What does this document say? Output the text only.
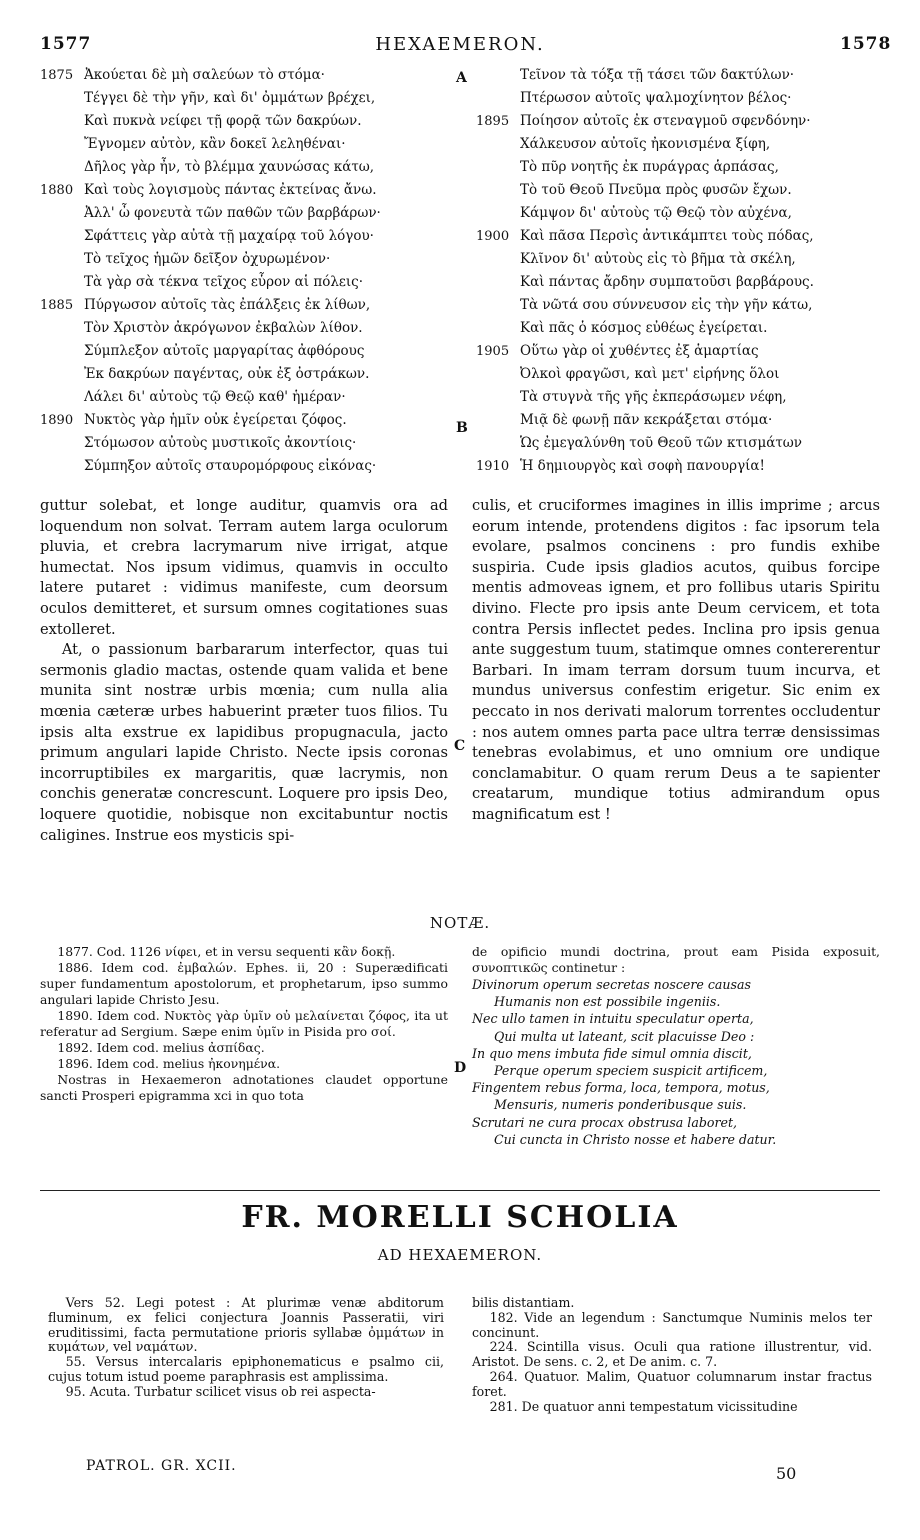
1577	HEXAEMERON.	1578
1875 Ἀκούεται δὲ μὴ σαλεύων τὸ στόμα·
Τέγγει δὲ τὴν γῆν, καὶ δι' ὀμμάτων βρέχει,
Καὶ πυκνὰ νείφει τῇ φορᾷ τῶν δακρύων.
Ἔγνομεν αὐτὸν, κἂν δοκεῖ λεληθέναι·
Δῆλος γὰρ ἦν, τὸ βλέμμα χαυνώσας κάτω,
1880 Καὶ τοὺς λογισμοὺς πάντας ἐκτείνας ἄνω.
Ἀλλ' ὦ φονευτὰ τῶν παθῶν τῶν βαρβάρων·
Σφάττεις γὰρ αὐτὰ τῇ μαχαίρᾳ τοῦ λόγου·
Τὸ τεῖχος ἡμῶν δεῖξον ὀχυρωμένον·
Τὰ γὰρ σὰ τέκνα τεῖχος εὗρον αἱ πόλεις·
1885 Πύργωσον αὐτοῖς τὰς ἐπάλξεις ἐκ λίθων,
Τὸν Χριστὸν ἀκρόγωνον ἐκβαλὼν λίθον.
Σύμπλεξον αὐτοῖς μαργαρίτας ἀφθόρους
Ἐκ δακρύων παγέντας, οὐκ ἐξ ὀστράκων.
Λάλει δι' αὐτοὺς τῷ Θεῷ καθ' ἡμέραν·
1890 Νυκτὸς γὰρ ἡμῖν οὐκ ἐγείρεται ζόφος.
Στόμωσον αὐτοὺς μυστικοῖς ἀκοντίοις·
Σύμπηξον αὐτοῖς σταυρομόρφους εἰκόνας·
Τεῖνον τὰ τόξα τῇ τάσει τῶν δακτύλων·
Πτέρωσον αὐτοῖς ψαλμοχίνητον βέλος·
1895 Ποίησον αὐτοῖς ἐκ στεναγμοῦ σφενδόνην·
Χάλκευσον αὐτοῖς ἠκονισμένα ξίφη,
Τὸ πῦρ νοητῆς ἐκ πυράγρας ἁρπάσας,
Τὸ τοῦ Θεοῦ Πνεῦμα πρὸς φυσῶν ἔχων.
Κάμψον δι' αὐτοὺς τῷ Θεῷ τὸν αὐχένα,
1900 Καὶ πᾶσα Περσὶς ἀντικάμπτει τοὺς πόδας,
Κλῖνον δι' αὐτοὺς εἰς τὸ βῆμα τὰ σκέλη,
Καὶ πάντας ἄρδην συμπατοῦσι βαρβάρους.
Τὰ νῶτά σου σύννευσον εἰς τὴν γῆν κάτω,
Καὶ πᾶς ὁ κόσμος εὐθέως ἐγείρεται.
1905 Οὕτω γὰρ οἱ χυθέντες ἐξ ἁμαρτίας
Ὀλκοὶ φραγῶσι, καὶ μετ' εἰρήνης ὅλοι
Τὰ στυγνὰ τῆς γῆς ἐκπεράσωμεν νέφη,
Μιᾷ δὲ φωνῇ πᾶν κεκράξεται στόμα·
Ὡς ἐμεγαλύνθη τοῦ Θεοῦ τῶν κτισμάτων
1910 Ἡ δημιουργὸς καὶ σοφὴ πανουργία!
A
B
C
D

guttur solebat, et longe auditur, quamvis ora ad loquendum non solvat. Terram autem larga oculorum pluvia, et crebra lacrymarum nive irrigat, atque humectat. Nos ipsum vidimus, quamvis in occulto latere putaret : vidimus manifeste, cum deorsum oculos demitteret, et sursum omnes cogitationes suas extolleret.

At, o passionum barbararum interfector, quas tui sermonis gladio mactas, ostende quam valida et bene munita sint nostræ urbis mœnia; cum nulla alia mœnia cæteræ urbes habuerint præter tuos filios. Tu ipsis alta exstrue ex lapidibus propugnacula, jacto primum angulari lapide Christo. Necte ipsis coronas incorruptibiles ex margaritis, quæ lacrymis, non conchis generatæ concrescunt. Loquere pro ipsis Deo, loquere quotidie, nobisque non excitabuntur noctis caligines. Instrue eos mysticis spi-

culis, et cruciformes imagines in illis imprime ; arcus eorum intende, protendens digitos : fac ipsorum tela evolare, psalmos concinens : pro fundis exhibe suspiria. Cude ipsis gladios acutos, quibus forcipe mentis admoveas ignem, et pro follibus utaris Spiritu divino. Flecte pro ipsis ante Deum cervicem, et tota contra Persis inflectet pedes. Inclina pro ipsis genua ante suggestum tuum, statimque omnes contererentur Barbari. In imam terram dorsum tuum incurva, et mundus universus confestim erigetur. Sic enim ex peccato in nos derivati malorum torrentes occludentur : nos autem omnes parta pace ultra terræ densissimas tenebras evolabimus, et uno omnium ore undique conclamabitur. O quam rerum Deus a te sapienter creatarum, mundique totius admirandum opus magnificatum est !

NOTÆ.

1877. Cod. 1126 νίφει, et in versu sequenti κἂν δοκῇ.

1886. Idem cod. ἐμβαλών. Ephes. ii, 20 : Superædificati super fundamentum apostolorum, et prophetarum, ipso summo angulari lapide Christo Jesu.

1890. Idem cod. Νυκτὸς γὰρ ὑμῖν οὐ μελαίνεται ζόφος, ita ut referatur ad Sergium. Sæpe enim ὑμῖν in Pisida pro σοί.

1892. Idem cod. melius ἀσπίδας.

1896. Idem cod. melius ἠκονημένα.

Nostras in Hexaemeron adnotationes claudet opportune sancti Prosperi epigramma xci in quo tota

de opificio mundi doctrina, prout eam Pisida exposuit, συνοπτικῶς continetur :

Divinorum operum secretas noscere causas
Humanis non est possibile ingeniis.
Nec ullo tamen in intuitu speculatur operta,
Qui multa ut lateant, scit placuisse Deo :
In quo mens imbuta fide simul omnia discit,
Perque operum speciem suspicit artificem,
Fingentem rebus forma, loca, tempora, motus,
Mensuris, numeris ponderibusque suis.
Scrutari ne cura procax obstrusa laboret,
Cui cuncta in Christo nosse et habere datur.
FR. MORELLI SCHOLIA
AD HEXAEMERON.

Vers 52. Legi potest : At plurimæ venæ abditorum fluminum, ex felici conjectura Joannis Passeratii, viri eruditissimi, facta permutatione prioris syllabæ ὀμμάτων in κυμάτων, vel ναμάτων.

55. Versus intercalaris epiphonematicus e psalmo cii, cujus totum istud poeme paraphrasis est amplissima.

95. Acuta. Turbatur scilicet visus ob rei aspecta-

bilis distantiam.

182. Vide an legendum : Sanctumque Numinis melos ter concinunt.

224. Scintilla visus. Oculi qua ratione illustrentur, vid. Aristot. De sens. c. 2, et De anim. c. 7.

264. Quatuor. Malim, Quatuor columnarum instar fractus foret.

281. De quatuor anni tempestatum vicissitudine

PATROL. GR. XCII.	50
